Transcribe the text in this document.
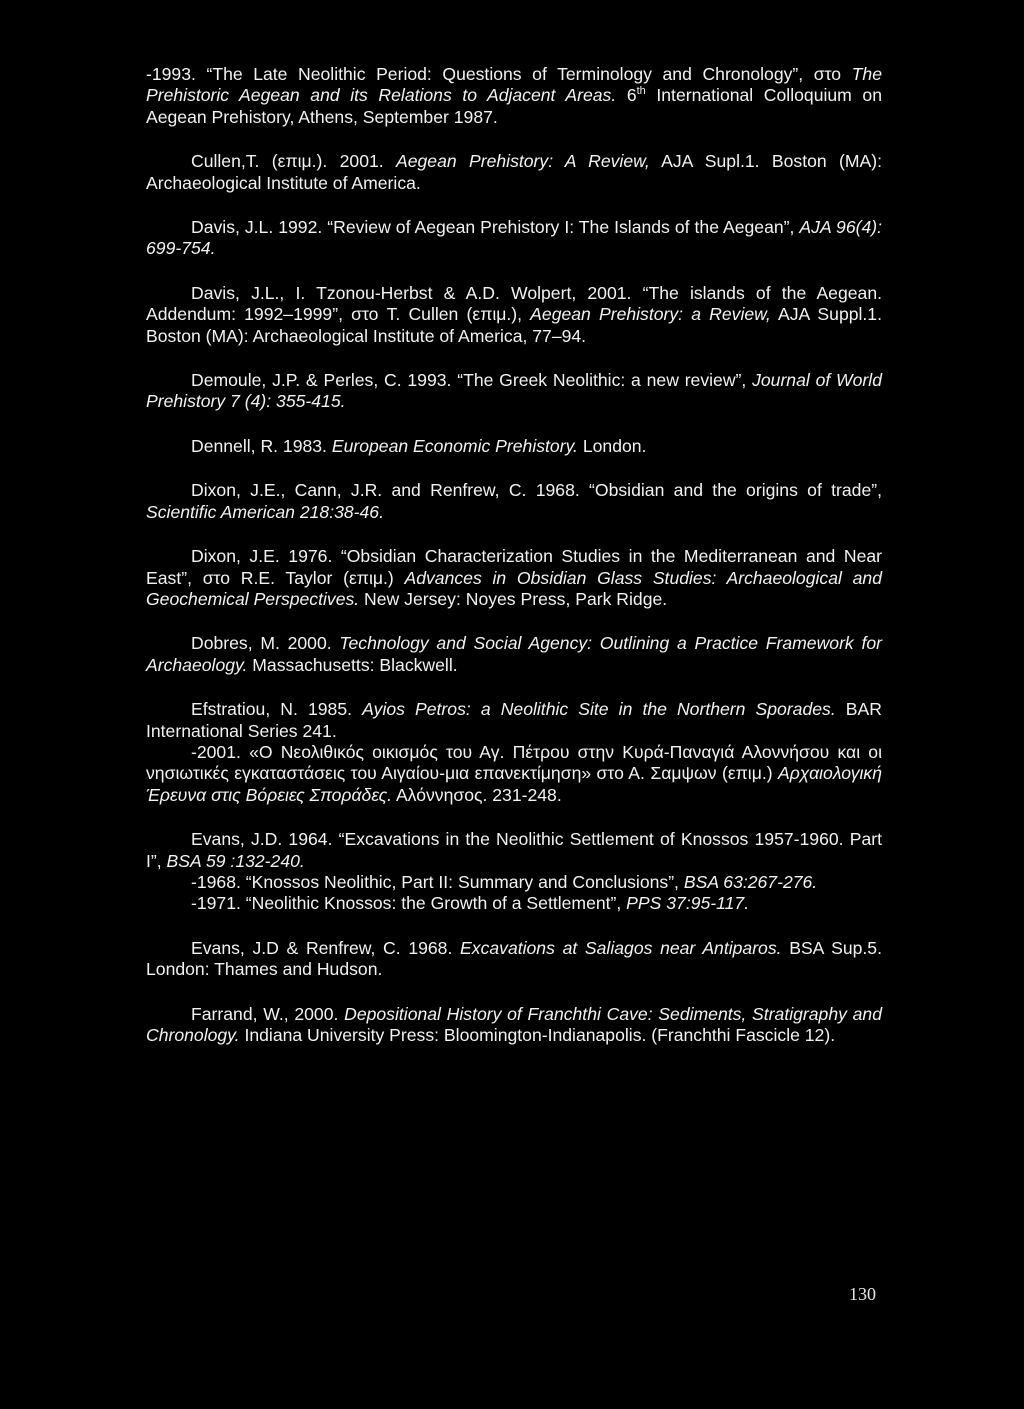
-1993. “The Late Neolithic Period: Questions of Terminology and Chronology”, στο The Prehistoric Aegean and its Relations to Adjacent Areas. 6th International Colloquium on Aegean Prehistory, Athens, September 1987.

Cullen,T. (επιμ.). 2001. Aegean Prehistory: A Review, AJA Supl.1. Boston (MA): Archaeological Institute of America.

Davis, J.L. 1992. “Review of Aegean Prehistory I: The Islands of the Aegean”, AJA 96(4): 699-754.

Davis, J.L., I. Tzonou-Herbst & A.D. Wolpert, 2001. “The islands of the Aegean. Addendum: 1992–1999”, στο T. Cullen (επιμ.), Aegean Prehistory: a Review, AJA Suppl.1. Boston (MA): Archaeological Institute of America, 77–94.

Demoule, J.P. & Perles, C. 1993. “The Greek Neolithic: a new review”, Journal of World Prehistory 7 (4): 355-415.

Dennell, R. 1983. European Economic Prehistory. London.

Dixon, J.E., Cann, J.R. and Renfrew, C. 1968. “Obsidian and the origins of trade”, Scientific American 218:38-46.

Dixon, J.E. 1976. “Obsidian Characterization Studies in the Mediterranean and Near East”, στο R.E. Taylor (επιμ.) Advances in Obsidian Glass Studies: Archaeological and Geochemical Perspectives. New Jersey: Noyes Press, Park Ridge.

Dobres, M. 2000. Technology and Social Agency: Outlining a Practice Framework for Archaeology. Massachusetts: Blackwell.

Efstratiou, N. 1985. Ayios Petros: a Neolithic Site in the Northern Sporades. BAR International Series 241.

-2001. «Ο Νεολιθικός οικισμός του Αγ. Πέτρου στην Κυρά-Παναγιά Αλοννήσου και οι νησιωτικές εγκαταστάσεις του Αιγαίου-μια επανεκτίμηση» στο Α. Σαμψων (επιμ.) Αρχαιολογική Έρευνα στις Βόρειες Σποράδες. Αλόννησος. 231-248.

Evans, J.D. 1964. “Excavations in the Neolithic Settlement of Knossos 1957-1960. Part I”, BSA 59 :132-240.

-1968. “Knossos Neolithic, Part II: Summary and Conclusions”, BSA 63:267-276.

-1971. “Neolithic Knossos: the Growth of a Settlement”, PPS 37:95-117.

Evans, J.D & Renfrew, C. 1968. Excavations at Saliagos near Antiparos. BSA Sup.5. London: Thames and Hudson.

Farrand, W., 2000. Depositional History of Franchthi Cave: Sediments, Stratigraphy and Chronology. Indiana University Press: Bloomington-Indianapolis. (Franchthi Fascicle 12).

130
